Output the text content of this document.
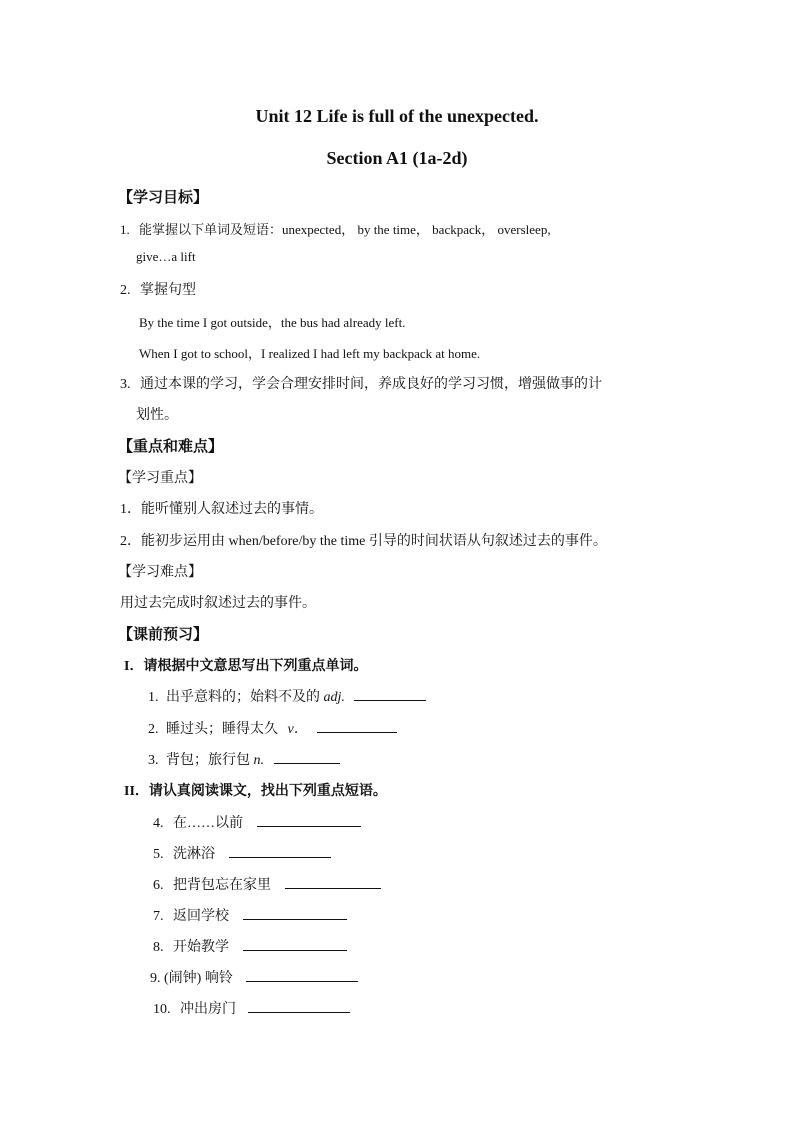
Unit 12 Life is full of the unexpected.
Section A1 (1a-2d)
【学习目标】
1. 能掌握以下单词及短语：unexpected， by the time， backpack， oversleep,
give…a lift
2. 掌握句型
By the time I got outside，the bus had already left.
When I got to school，I realized I had left my backpack at home.
3. 通过本课的学习，学会合理安排时间，养成良好的学习习惯，增强做事的计
划性。
【重点和难点】
【学习重点】
1．能听懂别人叙述过去的事情。
2．能初步运用由 when/before/by the time 引导的时间状语从句叙述过去的事件。
【学习难点】
用过去完成时叙述过去的事件。
【课前预习】
I．请根据中文意思写出下列重点单词。
1. 出乎意料的；始料不及的 adj.
2. 睡过头；睡得太久 v．
3. 背包；旅行包 n.
II．请认真阅读课文，找出下列重点短语。
4. 在……以前
5. 洗淋浴
6. 把背包忘在家里
7. 返回学校
8. 开始教学
9. (闹钟) 响铃
10. 冲出房门
